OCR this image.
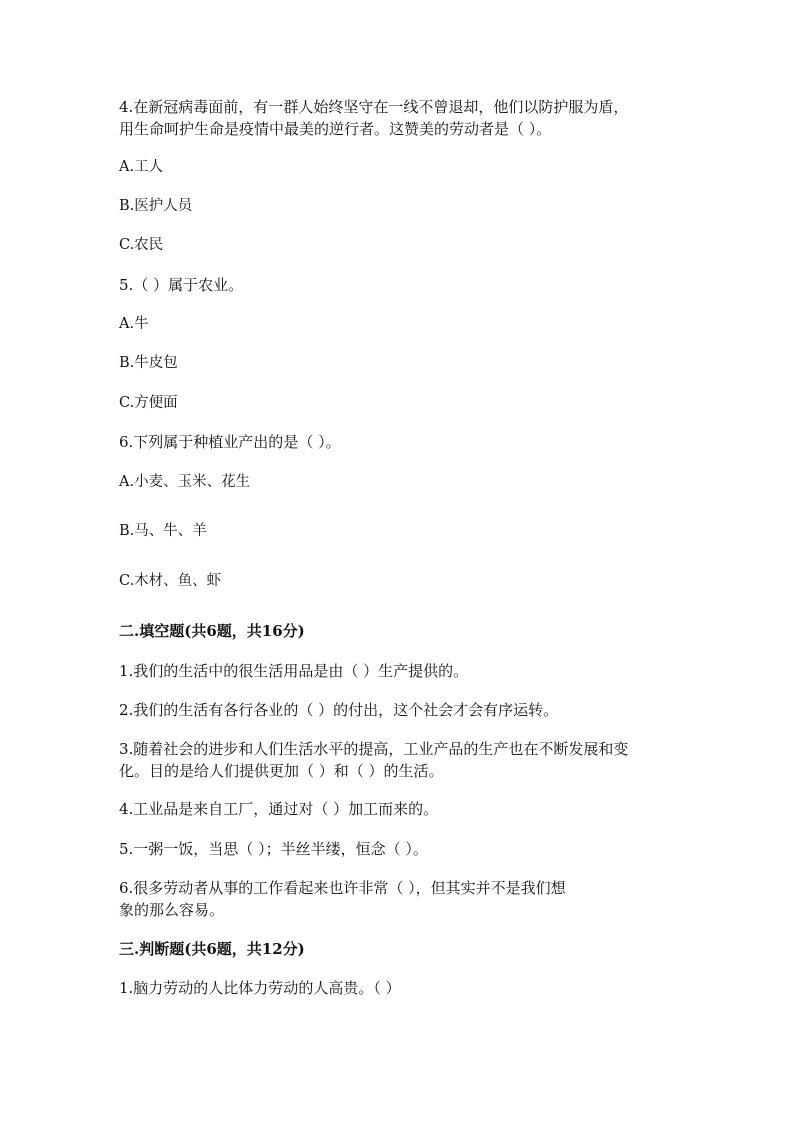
4.在新冠病毒面前，有一群人始终坚守在一线不曾退却，他们以防护服为盾，
用生命呵护生命是疫情中最美的逆行者。这赞美的劳动者是（ ）。
A.工人
B.医护人员
C.农民
5.（ ）属于农业。
A.牛
B.牛皮包
C.方便面
6.下列属于种植业产出的是（ ）。
A.小麦、玉米、花生
B.马、牛、羊
C.木材、鱼、虾
二.填空题(共6题，共16分)
1.我们的生活中的很生活用品是由（ ）生产提供的。
2.我们的生活有各行各业的（ ）的付出，这个社会才会有序运转。
3.随着社会的进步和人们生活水平的提高，工业产品的生产也在不断发展和变
化。目的是给人们提供更加（ ）和（ ）的生活。
4.工业品是来自工厂，通过对（ ）加工而来的。
5.一粥一饭，当思（ ）；半丝半缕，恒念（ ）。
6.很多劳动者从事的工作看起来也许非常（ ），但其实并不是我们想
象的那么容易。
三.判断题(共6题，共12分)
1.脑力劳动的人比体力劳动的人高贵。（ ）
